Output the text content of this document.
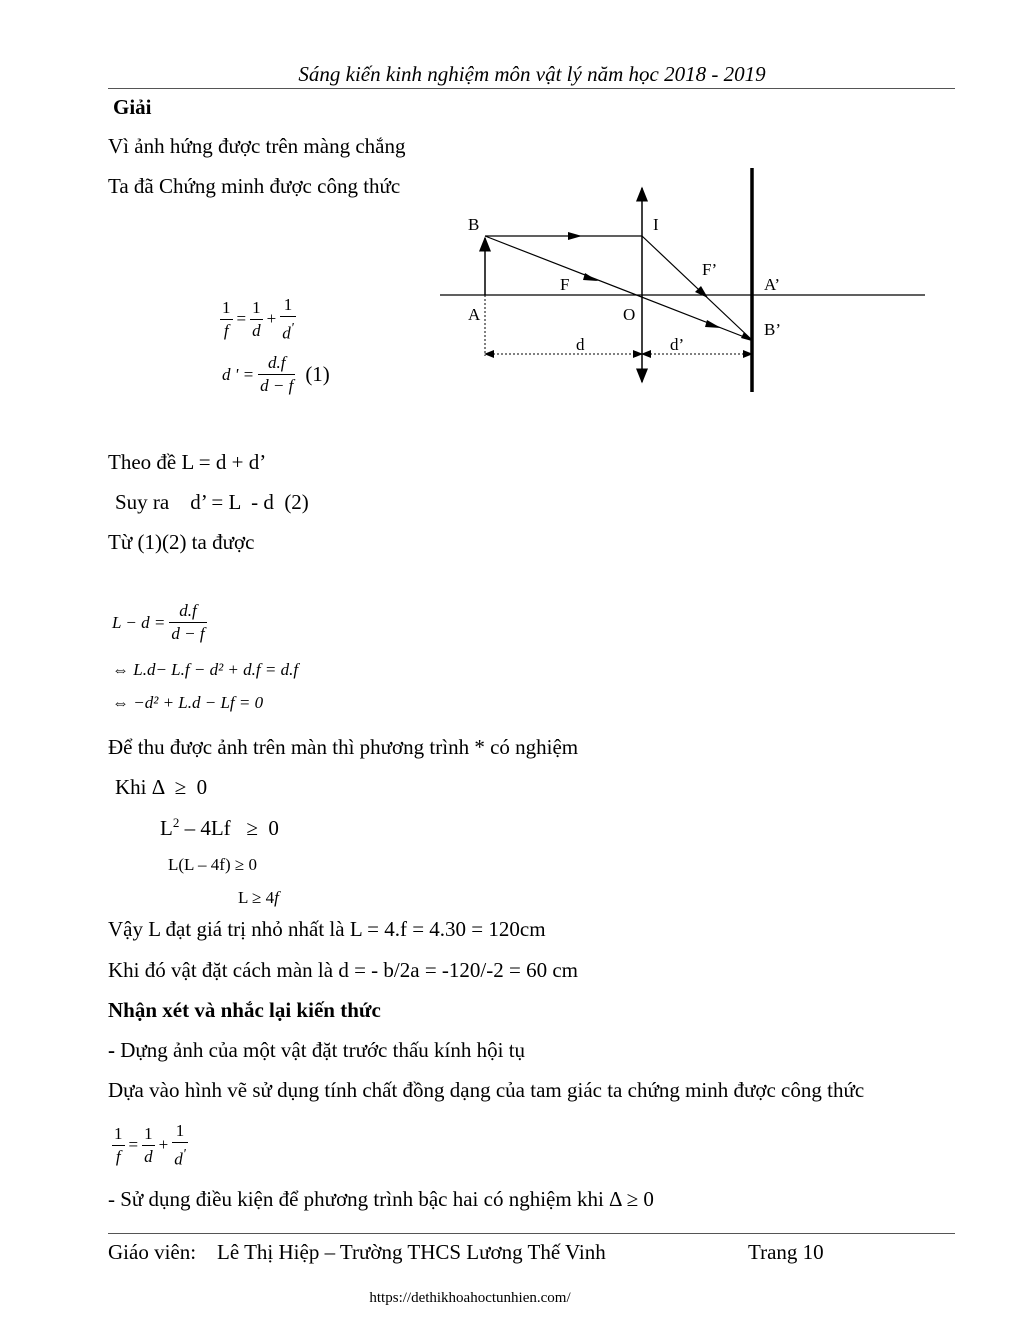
Sáng kiến kinh nghiệm môn vật lý năm học 2018 - 2019
Giải
Vì ảnh hứng được trên màng chắng
Ta đã Chứng minh được công thức
$\frac{1}{f} = \frac{1}{d} + \frac{1}{d'}$
d ' = $\frac{d.f}{d - f} (1)$
B	I
F’
F	A’
A	O
B’
d	d’
Theo đề L = d + d’
Suy ra    d’ = L  - d  (2)
Từ (1)(2) ta được
$L - d = \frac{d.f}{d - f}$
⇔ L.d− L.f − d² + d.f = d.f
⇔ −d² + L.d − Lf = 0
Để thu được ảnh trên màn thì phương trình * có nghiệm
Khi Δ  ≥  0
$L^2 - 4Lf \ge 0$
L(L – 4f) ≥ 0
L ≥ 4f
Vậy L đạt giá trị nhỏ nhất là L = 4.f = 4.30 = 120cm
Khi đó vật đặt cách màn là d = - b/2a = -120/-2 = 60 cm
Nhận xét và nhắc lại kiến thức
- Dựng ảnh của một vật đặt trước thấu kính hội tụ
Dựa vào hình vẽ sử dụng tính chất đồng dạng của tam giác ta chứng minh được công thức
$\frac{1}{f} = \frac{1}{d} + \frac{1}{d'}$
- Sử dụng điều kiện để phương trình bậc hai có nghiệm khi Δ ≥ 0
Giáo viên:    Lê Thị Hiệp – Trường THCS Lương Thế Vinh	Trang 10
https://dethikhoahoctunhien.com/
